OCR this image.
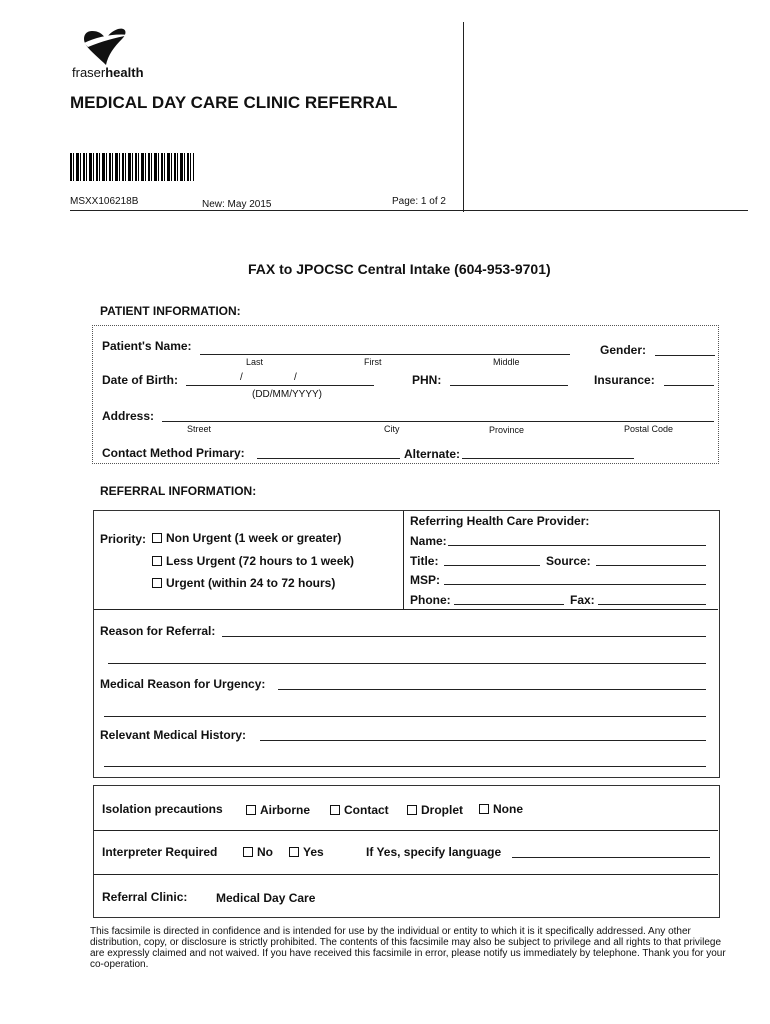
fraserhealth
MEDICAL DAY CARE CLINIC REFERRAL
MSXX106218B	New: May 2015	Page: 1 of 2
FAX to JPOCSC Central Intake (604-953-9701)
PATIENT INFORMATION:
Patient's Name:
Last	First	Middle
Gender:
Date of Birth:	/	/
(DD/MM/YYYY)
PHN:	Insurance:
Address:
Street	City	Province	Postal Code
Contact Method Primary:	Alternate:
REFERRAL INFORMATION:
Priority:	Non Urgent (1 week or greater)
Less Urgent (72 hours to 1 week)
Urgent (within 24 to 72 hours)
Referring Health Care Provider:
Name:
Title:	Source:
MSP:
Phone:	Fax:
Reason for Referral:
Medical Reason for Urgency:
Relevant Medical History:
Isolation precautions	Airborne	Contact	Droplet	None
Interpreter Required	No	Yes	If Yes, specify language
Referral Clinic: Medical Day Care
This facsimile is directed in confidence and is intended for use by the individual or entity to which it is it specifically addressed. Any other distribution, copy, or disclosure is strictly prohibited. The contents of this facsimile may also be subject to privilege and all rights to that privilege are expressly claimed and not waived. If you have received this facsimile in error, please notify us immediately by telephone. Thank you for your co-operation.
